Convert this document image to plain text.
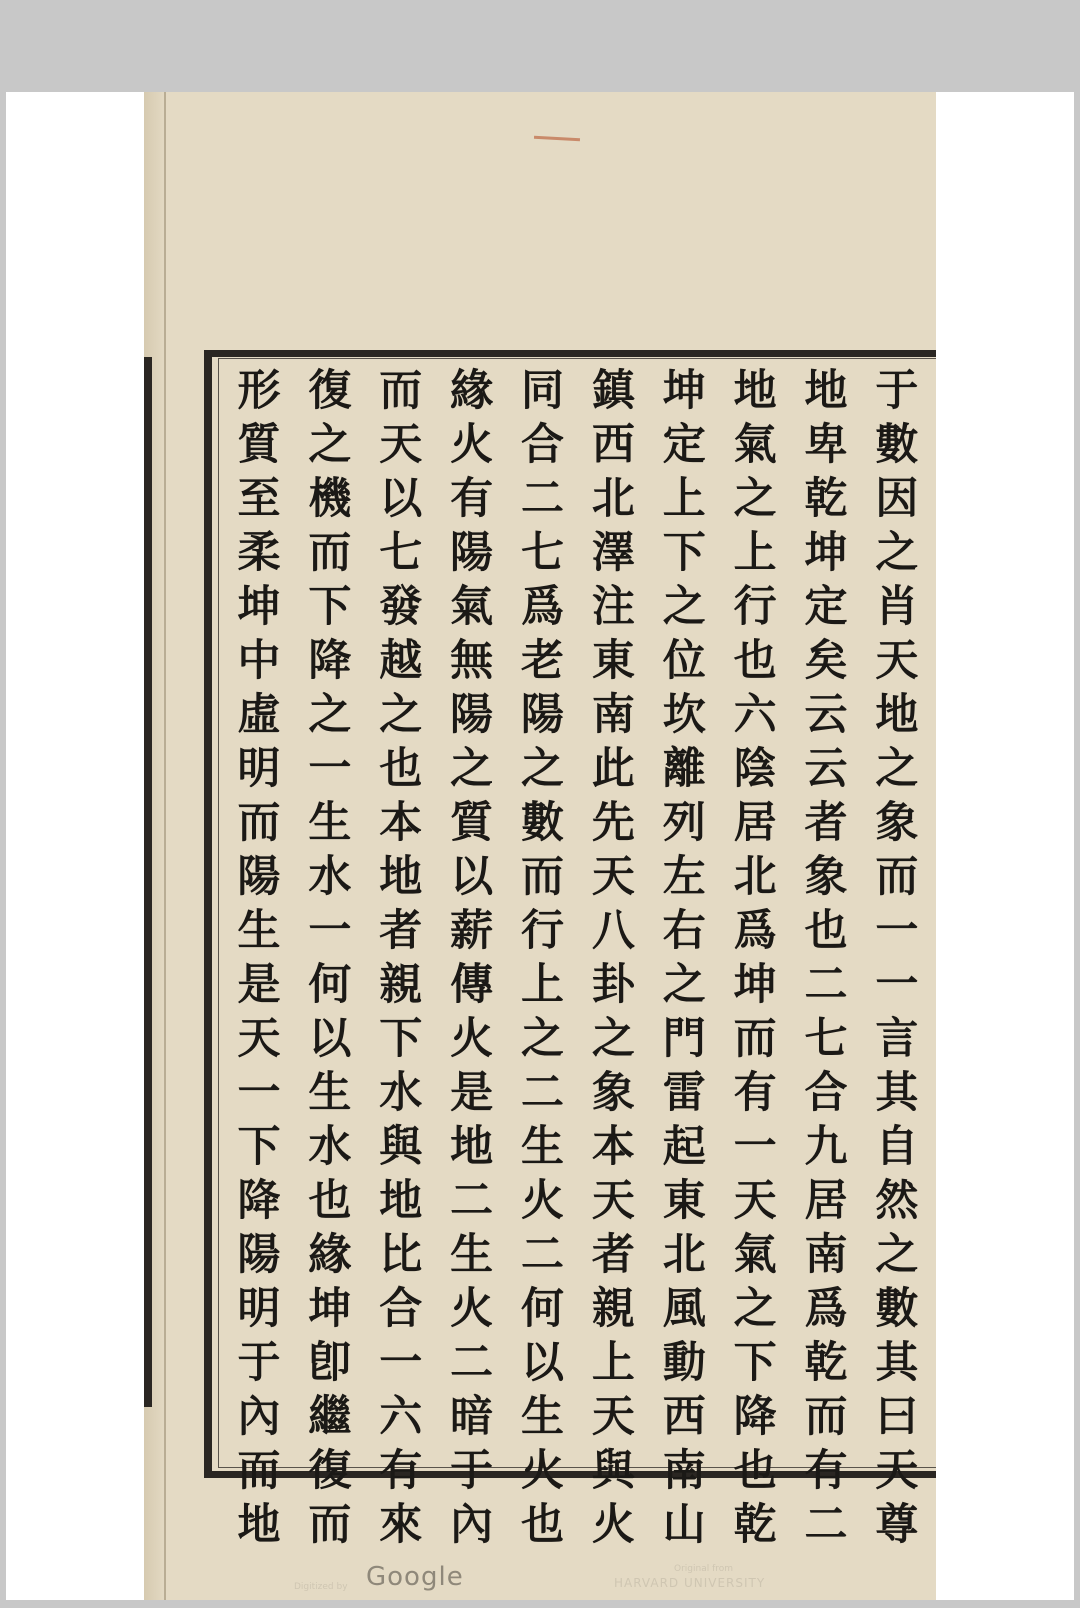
于
數
因
之
肖
天
地
之
象
而
一
一
言
其
自
然
之
數
其
曰
天
尊
地
卑
乾
坤
定
矣
云
云
者
象
也
二
七
合
九
居
南
爲
乾
而
有
二
地
氣
之
上
行
也
六
陰
居
北
爲
坤
而
有
一
天
氣
之
下
降
也
乾
坤
定
上
下
之
位
坎
離
列
左
右
之
門
雷
起
東
北
風
動
西
南
山
鎮
西
北
澤
注
東
南
此
先
天
八
卦
之
象
本
天
者
親
上
天
與
火
同
合
二
七
爲
老
陽
之
數
而
行
上
之
二
生
火
二
何
以
生
火
也
緣
火
有
陽
氣
無
陽
之
質
以
薪
傳
火
是
地
二
生
火
二
暗
于
內
而
天
以
七
發
越
之
也
本
地
者
親
下
水
與
地
比
合
一
六
有
來
復
之
機
而
下
降
之
一
生
水
一
何
以
生
水
也
緣
坤
卽
繼
復
而
形
質
至
柔
坤
中
虛
明
而
陽
生
是
天
一
下
降
陽
明
于
內
而
地
Digitized by Google	Original from
HARVARD UNIVERSITY
